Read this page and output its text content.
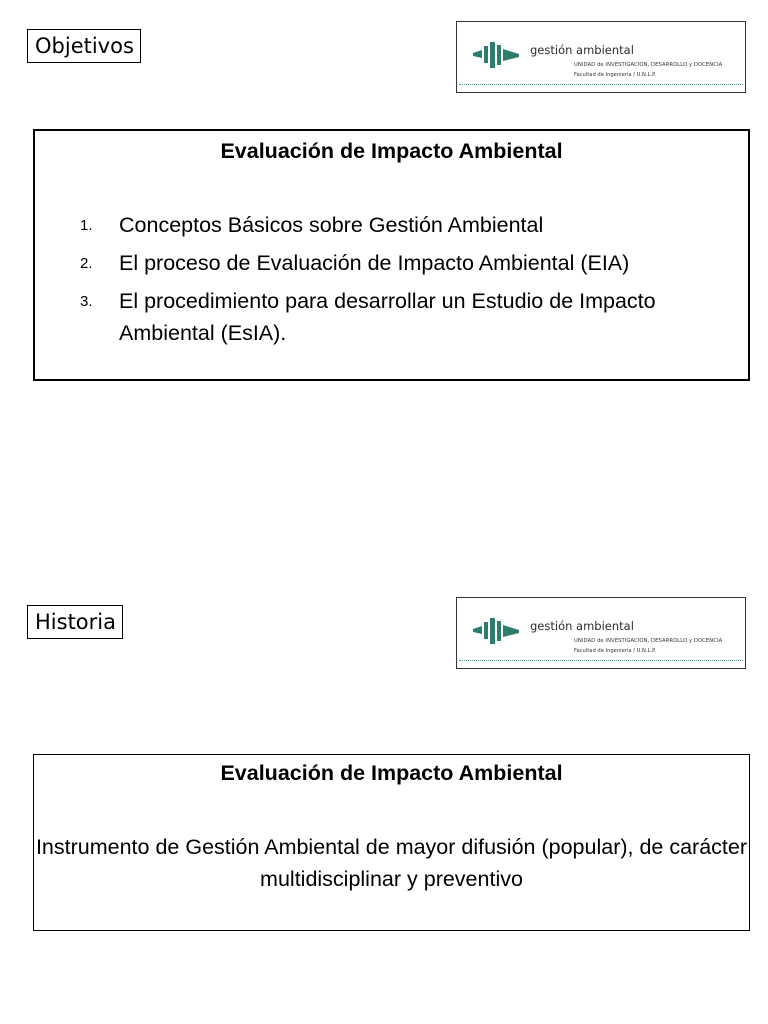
Objetivos	gestión ambiental
UNIDAD de INVESTIGACION, DESARROLLO y DOCENCIA
Facultad de Ingeniería / U.N.L.P.
Evaluación de Impacto Ambiental
1. Conceptos Básicos sobre Gestión Ambiental
2. El proceso de Evaluación de Impacto Ambiental (EIA)
3. El procedimiento para desarrollar un Estudio de Impacto Ambiental (EsIA).
Historia	gestión ambiental
UNIDAD de INVESTIGACION, DESARROLLO y DOCENCIA
Facultad de Ingeniería / U.N.L.P.
Evaluación de Impacto Ambiental

Instrumento de Gestión Ambiental de mayor difusión (popular), de carácter multidisciplinar y preventivo
